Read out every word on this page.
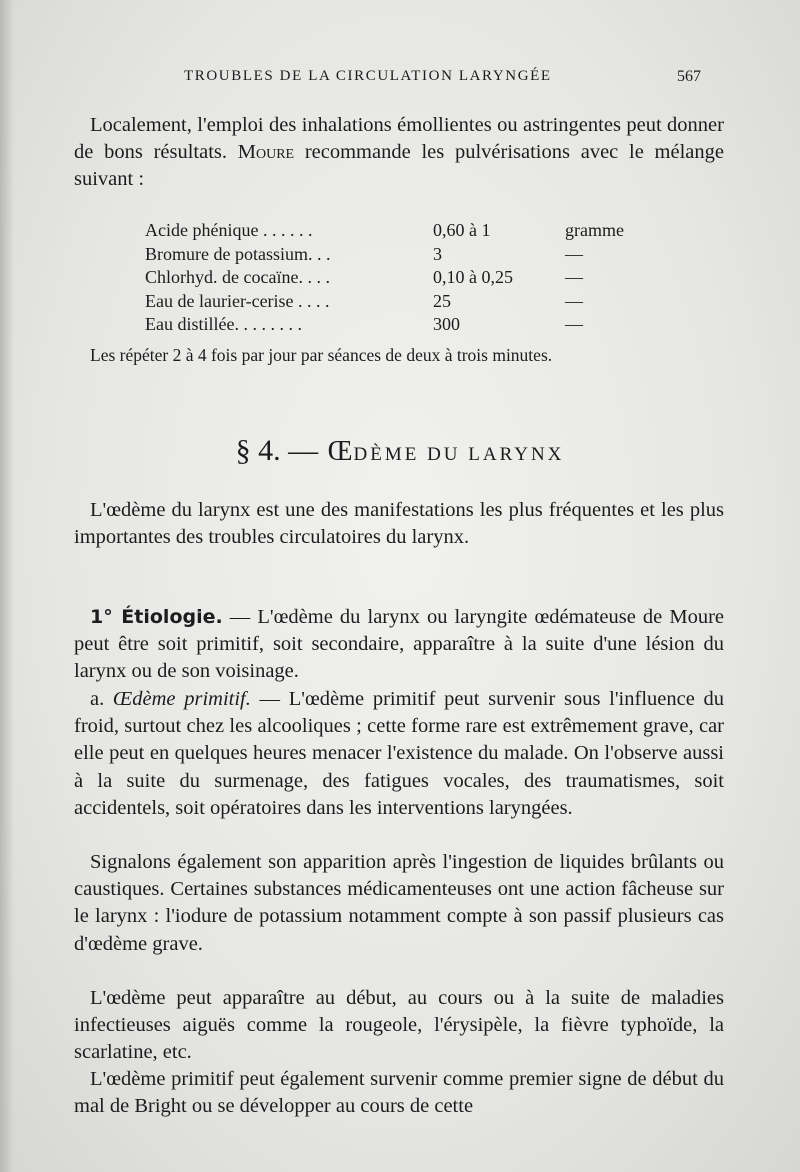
TROUBLES DE LA CIRCULATION LARYNGÉE	567

Localement, l'emploi des inhalations émollientes ou astringentes peut donner de bons résultats. Moure recommande les pulvérisations avec le mélange suivant :

Acide phénique . . . . . .	0,60 à 1	gramme
Bromure de potassium. . .	3	—
Chlorhyd. de cocaïne. . . .	0,10 à 0,25	—
Eau de laurier-cerise . . . .	25	—
Eau distillée. . . . . . . .	300	—

Les répéter 2 à 4 fois par jour par séances de deux à trois minutes.

§ 4. — ŒDÈME DU LARYNX

L'œdème du larynx est une des manifestations les plus fréquentes et les plus importantes des troubles circulatoires du larynx.

1° Étiologie. — L'œdème du larynx ou laryngite œdémateuse de Moure peut être soit primitif, soit secondaire, apparaître à la suite d'une lésion du larynx ou de son voisinage.

a. Œdème primitif. — L'œdème primitif peut survenir sous l'influence du froid, surtout chez les alcooliques ; cette forme rare est extrêmement grave, car elle peut en quelques heures menacer l'existence du malade. On l'observe aussi à la suite du surmenage, des fatigues vocales, des traumatismes, soit accidentels, soit opératoires dans les interventions laryngées.

Signalons également son apparition après l'ingestion de liquides brûlants ou caustiques. Certaines substances médicamenteuses ont une action fâcheuse sur le larynx : l'iodure de potassium notamment compte à son passif plusieurs cas d'œdème grave.

L'œdème peut apparaître au début, au cours ou à la suite de maladies infectieuses aiguës comme la rougeole, l'érysipèle, la fièvre typhoïde, la scarlatine, etc.

L'œdème primitif peut également survenir comme premier signe de début du mal de Bright ou se développer au cours de cette
